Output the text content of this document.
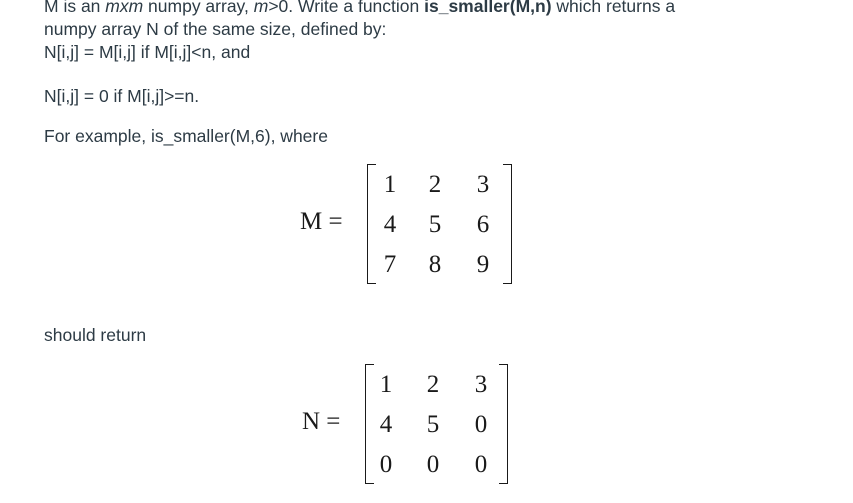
M is an mxm numpy array, m>0. Write a function is_smaller(M,n) which returns a
numpy array N of the same size, defined by:
N[i,j] = M[i,j] if M[i,j]<n, and
N[i,j] = 0 if M[i,j]>=n.
For example, is_smaller(M,6), where
M =
1	2	3
4	5	6
7	8	9
should return
N =
1	2	3
4	5	0
0	0	0
